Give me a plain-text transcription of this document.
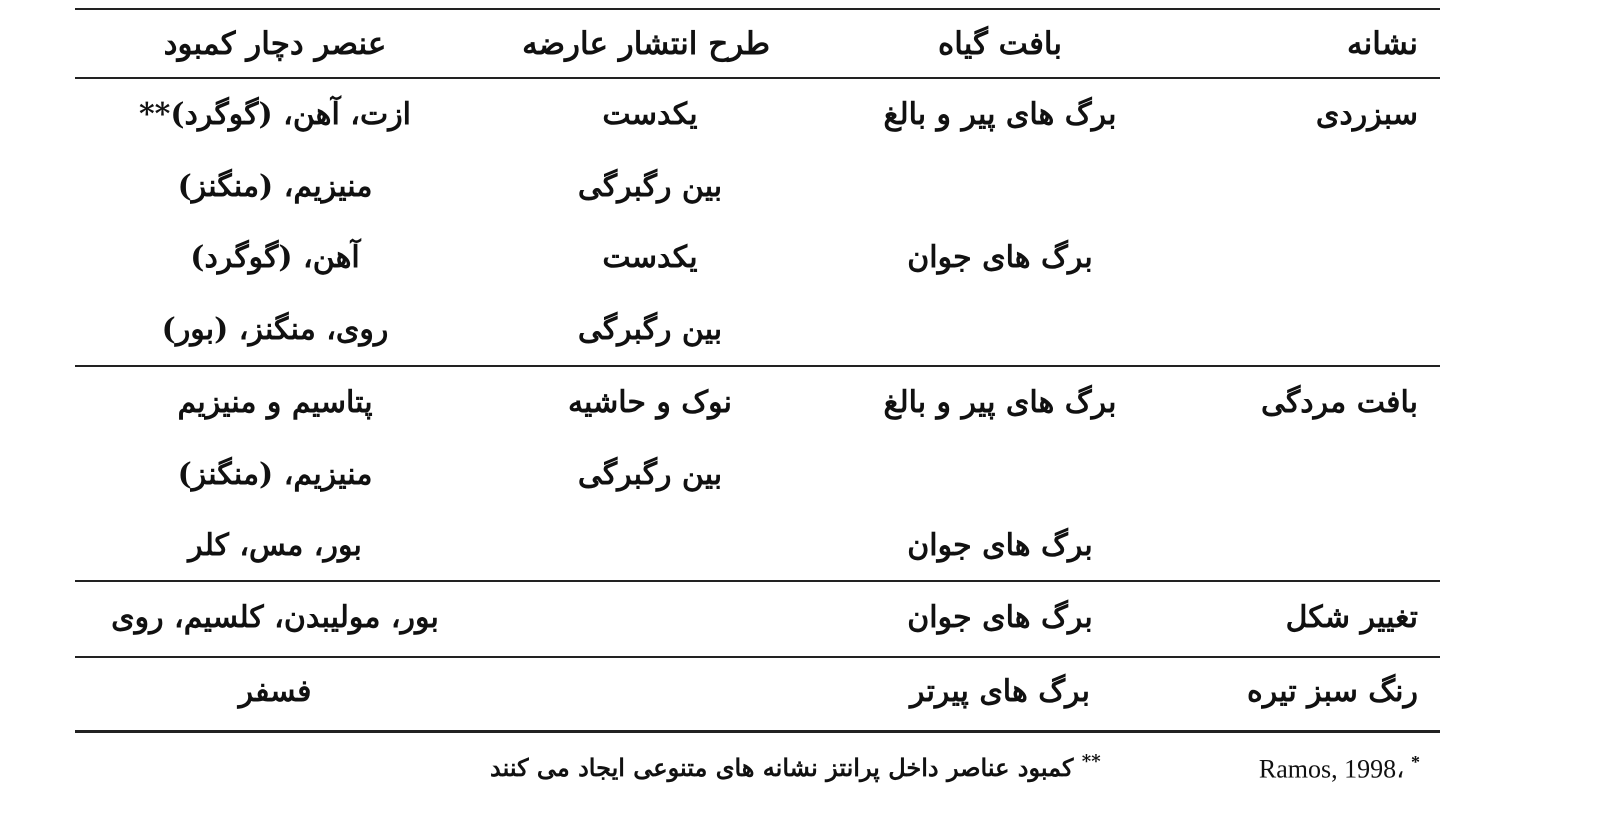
نشانه
بافت گیاه
طرح انتشار عارضه
عنصر دچار کمبود
سبزردی
برگ های پیر و بالغ
یکدست
ازت، آهن، (گوگرد)**
بین رگبرگی
منیزیم، (منگنز)
برگ های جوان
یکدست
آهن، (گوگرد)
بین رگبرگی
روی، منگنز، (بور)
بافت مردگی
برگ های پیر و بالغ
نوک و حاشیه
پتاسیم و منیزیم
بین رگبرگی
منیزیم، (منگنز)
برگ های جوان
بور، مس، کلر
تغییر شکل
برگ های جوان
بور، مولیبدن، کلسیم، روی
رنگ سبز تیره
برگ های پیرتر
فسفر
Ramos, 1998، *
** کمبود عناصر داخل پرانتز نشانه های متنوعی ایجاد می کنند
